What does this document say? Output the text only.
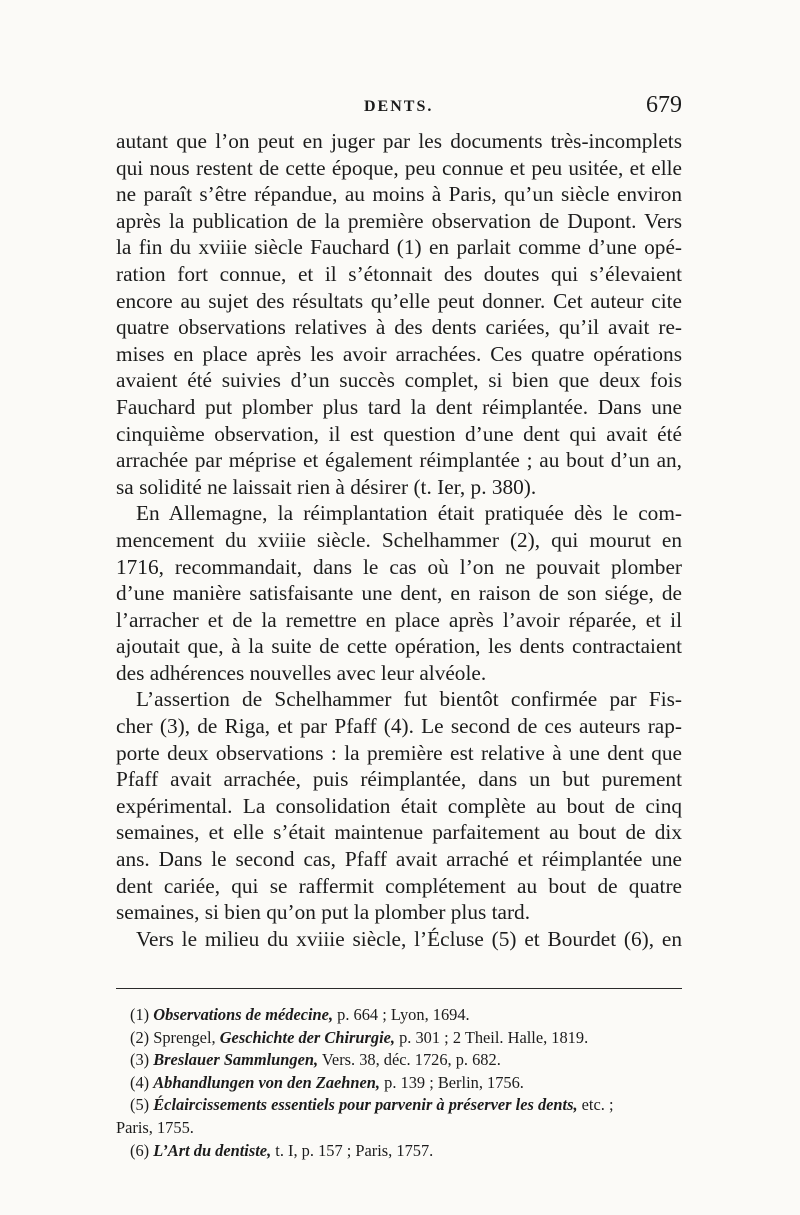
DENTS.	679
autant que l’on peut en juger par les documents très-incomplets
qui nous restent de cette époque, peu connue et peu usitée, et elle
ne paraît s’être répandue, au moins à Paris, qu’un siècle environ
après la publication de la première observation de Dupont. Vers
la fin du xviiie siècle Fauchard (1) en parlait comme d’une opé-
ration fort connue, et il s’étonnait des doutes qui s’élevaient
encore au sujet des résultats qu’elle peut donner. Cet auteur cite
quatre observations relatives à des dents cariées, qu’il avait re-
mises en place après les avoir arrachées. Ces quatre opérations
avaient été suivies d’un succès complet, si bien que deux fois
Fauchard put plomber plus tard la dent réimplantée. Dans une
cinquième observation, il est question d’une dent qui avait été
arrachée par méprise et également réimplantée ; au bout d’un an,
sa solidité ne laissait rien à désirer (t. Ier, p. 380).
En Allemagne, la réimplantation était pratiquée dès le com-
mencement du xviiie siècle. Schelhammer (2), qui mourut en
1716, recommandait, dans le cas où l’on ne pouvait plomber
d’une manière satisfaisante une dent, en raison de son siége, de
l’arracher et de la remettre en place après l’avoir réparée, et il
ajoutait que, à la suite de cette opération, les dents contractaient
des adhérences nouvelles avec leur alvéole.
L’assertion de Schelhammer fut bientôt confirmée par Fis-
cher (3), de Riga, et par Pfaff (4). Le second de ces auteurs rap-
porte deux observations : la première est relative à une dent que
Pfaff avait arrachée, puis réimplantée, dans un but purement
expérimental. La consolidation était complète au bout de cinq
semaines, et elle s’était maintenue parfaitement au bout de dix
ans. Dans le second cas, Pfaff avait arraché et réimplantée une
dent cariée, qui se raffermit complétement au bout de quatre
semaines, si bien qu’on put la plomber plus tard.
Vers le milieu du xviiie siècle, l’Écluse (5) et Bourdet (6), en
(1) Observations de médecine, p. 664 ; Lyon, 1694.
(2) Sprengel, Geschichte der Chirurgie, p. 301 ; 2 Theil. Halle, 1819.
(3) Breslauer Sammlungen, Vers. 38, déc. 1726, p. 682.
(4) Abhandlungen von den Zaehnen, p. 139 ; Berlin, 1756.
(5) Éclaircissements essentiels pour parvenir à préserver les dents, etc. ;
Paris, 1755.
(6) L’Art du dentiste, t. I, p. 157 ; Paris, 1757.
